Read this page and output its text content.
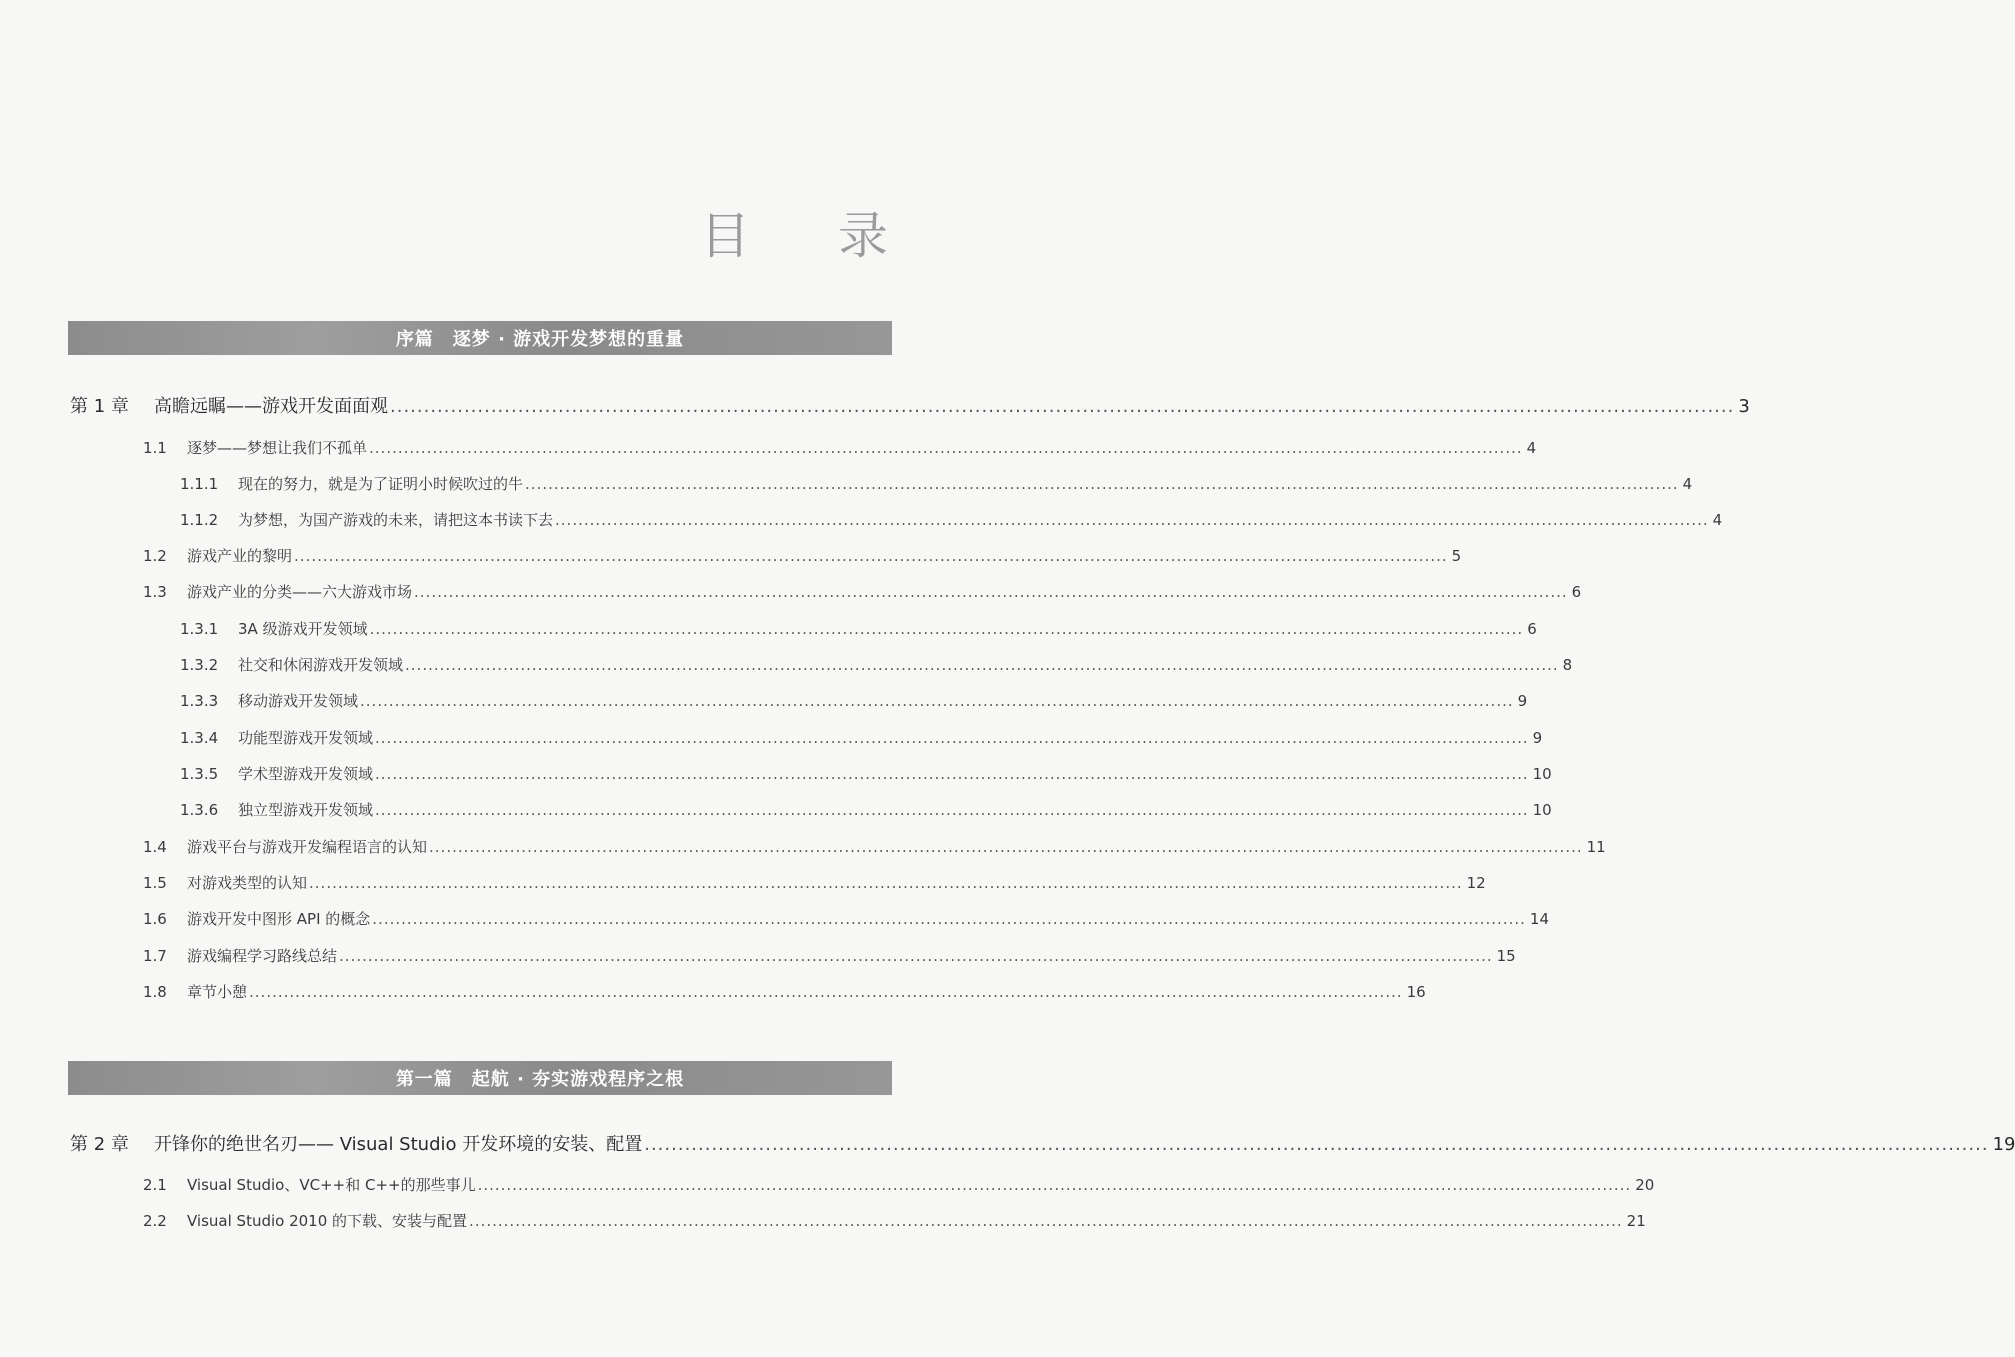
目 录
序篇　逐梦 · 游戏开发梦想的重量
第一篇　起航 · 夯实游戏程序之根
第 1 章	高瞻远瞩——游戏开发面面观 ........................................................................................................................................................................................................ 3
1.1	逐梦——梦想让我们不孤单 ........................................................................................................................................................................................................ 4
1.1.1	现在的努力，就是为了证明小时候吹过的牛 ........................................................................................................................................................................................................ 4
1.1.2	为梦想，为国产游戏的未来，请把这本书读下去 ........................................................................................................................................................................................................ 4
1.2	游戏产业的黎明 ........................................................................................................................................................................................................ 5
1.3	游戏产业的分类——六大游戏市场 ........................................................................................................................................................................................................ 6
1.3.1	3A 级游戏开发领域 ........................................................................................................................................................................................................ 6
1.3.2	社交和休闲游戏开发领域 ........................................................................................................................................................................................................ 8
1.3.3	移动游戏开发领域 ........................................................................................................................................................................................................ 9
1.3.4	功能型游戏开发领域 ........................................................................................................................................................................................................ 9
1.3.5	学术型游戏开发领域 ........................................................................................................................................................................................................ 10
1.3.6	独立型游戏开发领域 ........................................................................................................................................................................................................ 10
1.4	游戏平台与游戏开发编程语言的认知 ........................................................................................................................................................................................................ 11
1.5	对游戏类型的认知 ........................................................................................................................................................................................................ 12
1.6	游戏开发中图形 API 的概念 ........................................................................................................................................................................................................ 14
1.7	游戏编程学习路线总结 ........................................................................................................................................................................................................ 15
1.8	章节小憩 ........................................................................................................................................................................................................ 16
第 2 章	开锋你的绝世名刃—— Visual Studio 开发环境的安装、配置 ........................................................................................................................................................................................................ 19
2.1	Visual Studio、VC++和 C++的那些事儿 ........................................................................................................................................................................................................ 20
2.2	Visual Studio 2010 的下载、安装与配置 ........................................................................................................................................................................................................ 21
